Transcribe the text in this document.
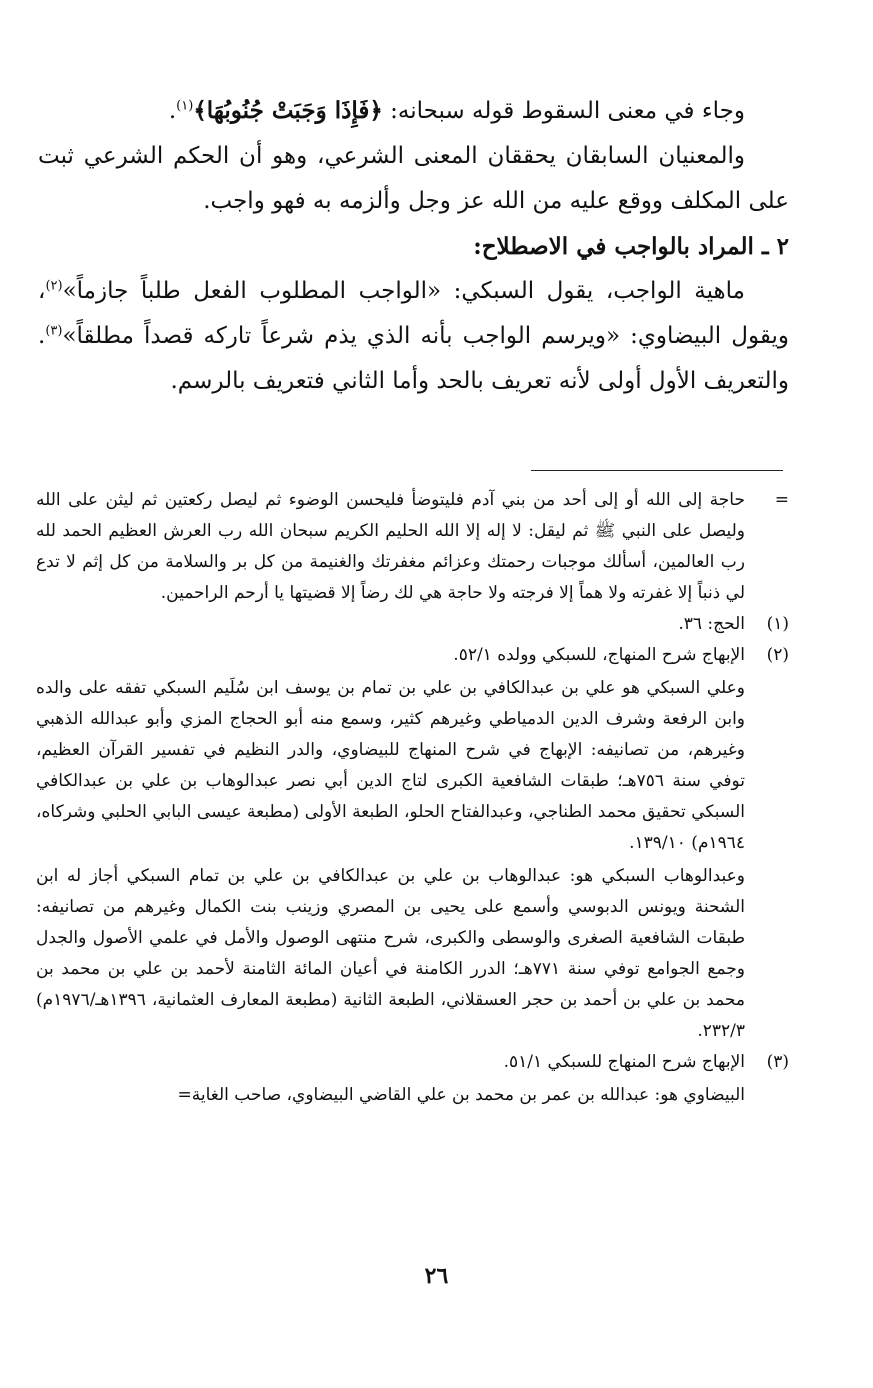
وجاء في معنى السقوط قوله سبحانه: ﴿فَإِذَا وَجَبَتْ جُنُوبُهَا﴾$^{(١)}$.

والمعنيان السابقان يحققان المعنى الشرعي، وهو أن الحكم الشرعي ثبت على المكلف ووقع عليه من الله عز وجل وألزمه به فهو واجب.

٢ ـ المراد بالواجب في الاصطلاح:

ماهية الواجب، يقول السبكي: «الواجب المطلوب الفعل طلباً جازماً»$^{(٢)}$، ويقول البيضاوي: «ويرسم الواجب بأنه الذي يذم شرعاً تاركه قصداً مطلقاً»$^{(٣)}$. والتعريف الأول أولى لأنه تعريف بالحد وأما الثاني فتعريف بالرسم.

=

حاجة إلى الله أو إلى أحد من بني آدم فليتوضأ فليحسن الوضوء ثم ليصل ركعتين ثم ليثن على الله وليصل على النبي ﷺ ثم ليقل: لا إله إلا الله الحليم الكريم سبحان الله رب العرش العظيم الحمد لله رب العالمين، أسألك موجبات رحمتك وعزائم مغفرتك والغنيمة من كل بر والسلامة من كل إثم لا تدع لي ذنباً إلا غفرته ولا هماً إلا فرجته ولا حاجة هي لك رضاً إلا قضيتها يا أرحم الراحمين.

(١)

الحج: ٣٦.

(٢)

الإبهاج شرح المنهاج، للسبكي وولده ٥٢/١.

وعلي السبكي هو علي بن عبدالكافي بن علي بن تمام بن يوسف ابن سُلَيم السبكي تفقه على والده وابن الرفعة وشرف الدين الدمياطي وغيرهم كثير، وسمع منه أبو الحجاج المزي وأبو عبدالله الذهبي وغيرهم، من تصانيفه: الإبهاج في شرح المنهاج للبيضاوي، والدر النظيم في تفسير القرآن العظيم، توفي سنة ٧٥٦هـ؛ طبقات الشافعية الكبرى لتاج الدين أبي نصر عبدالوهاب بن علي بن عبدالكافي السبكي تحقيق محمد الطناجي، وعبدالفتاح الحلو، الطبعة الأولى (مطبعة عيسى البابي الحلبي وشركاه، ١٩٦٤م) ١٣٩/١٠.

وعبدالوهاب السبكي هو: عبدالوهاب بن علي بن عبدالكافي بن علي بن تمام السبكي أجاز له ابن الشحنة ويونس الدبوسي وأسمع على يحيى بن المصري وزينب بنت الكمال وغيرهم من تصانيفه: طبقات الشافعية الصغرى والوسطى والكبرى، شرح منتهى الوصول والأمل في علمي الأصول والجدل وجمع الجوامع توفي سنة ٧٧١هـ؛ الدرر الكامنة في أعيان المائة الثامنة لأحمد بن علي بن محمد بن محمد بن علي بن أحمد بن حجر العسقلاني، الطبعة الثانية (مطبعة المعارف العثمانية، ١٣٩٦هـ/١٩٧٦م) ٢٣٢/٣.

(٣)

الإبهاج شرح المنهاج للسبكي ٥١/١.

البيضاوي هو: عبدالله بن عمر بن محمد بن علي القاضي البيضاوي، صاحب الغاية=

٢٦
